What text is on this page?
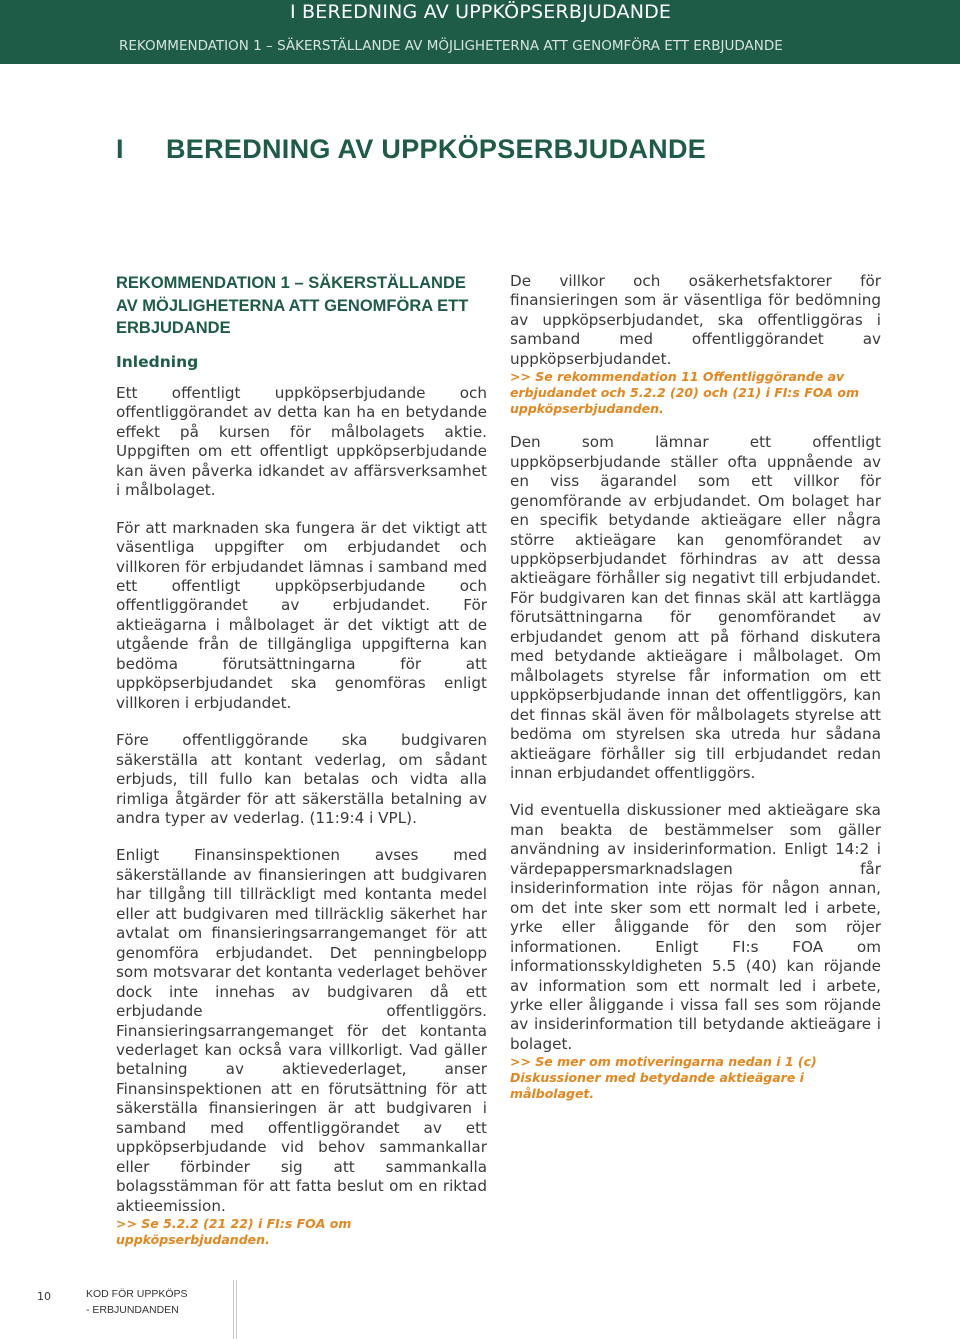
I BEREDNING AV UPPKÖPSERBJUDANDE
REKOMMENDATION 1 – SÄKERSTÄLLANDE AV MÖJLIGHETERNA ATT GENOMFÖRA ETT ERBJUDANDE
I BEREDNING AV UPPKÖPSERBJUDANDE
REKOMMENDATION 1 – SÄKERSTÄLLANDE
AV MÖJLIGHETERNA ATT GENOMFÖRA ETT
ERBJUDANDE
Inledning

Ett offentligt uppköpserbjudande och offentliggörandet av detta kan ha en betydande effekt på kursen för målbolagets aktie. Uppgiften om ett offentligt uppköpserbjudande kan även påverka idkandet av affärsverksamhet i målbolaget.

För att marknaden ska fungera är det viktigt att väsentliga uppgifter om erbjudandet och villkoren för erbjudandet lämnas i samband med ett offentligt uppköpserbjudande och offentliggörandet av erbjudandet. För aktieägarna i målbolaget är det viktigt att de utgående från de tillgängliga uppgifterna kan bedöma förutsättningarna för att uppköpserbjudandet ska genomföras enligt villkoren i erbjudandet.

Före offentliggörande ska budgivaren säkerställa att kontant vederlag, om sådant erbjuds, till fullo kan betalas och vidta alla rimliga åtgärder för att säkerställa betalning av andra typer av vederlag. (11:9:4 i VPL).

Enligt Finansinspektionen avses med säkerställande av finansieringen att budgivaren har tillgång till tillräckligt med kontanta medel eller att budgivaren med tillräcklig säkerhet har avtalat om finansieringsarrangemanget för att genomföra erbjudandet. Det penningbelopp som motsvarar det kontanta vederlaget behöver dock inte innehas av budgivaren då ett erbjudande offentliggörs. Finansieringsarrangemanget för det kontanta vederlaget kan också vara villkorligt. Vad gäller betalning av aktievederlaget, anser Finansinspektionen att en förutsättning för att säkerställa finansieringen är att budgivaren i samband med offentliggörandet av ett uppköpserbjudande vid behov sammankallar eller förbinder sig att sammankalla bolagsstämman för att fatta beslut om en riktad aktieemission.

>> Se 5.2.2 (21 22) i FI:s FOA om uppköpserbjudanden.

De villkor och osäkerhetsfaktorer för finansieringen som är väsentliga för bedömning av uppköpserbjudandet, ska offentliggöras i samband med offentliggörandet av uppköpserbjudandet.

>> Se rekommendation 11 Offentliggörande av erbjudandet och 5.2.2 (20) och (21) i FI:s FOA om uppköpserbjudanden.

Den som lämnar ett offentligt uppköpserbjudande ställer ofta uppnående av en viss ägarandel som ett villkor för genomförande av erbjudandet. Om bolaget har en specifik betydande aktieägare eller några större aktieägare kan genomförandet av uppköpserbjudandet förhindras av att dessa aktieägare förhåller sig negativt till erbjudandet. För budgivaren kan det finnas skäl att kartlägga förutsättningarna för genomförandet av erbjudandet genom att på förhand diskutera med betydande aktieägare i målbolaget. Om målbolagets styrelse får information om ett uppköpserbjudande innan det offentliggörs, kan det finnas skäl även för målbolagets styrelse att bedöma om styrelsen ska utreda hur sådana aktieägare förhåller sig till erbjudandet redan innan erbjudandet offentliggörs.

Vid eventuella diskussioner med aktieägare ska man beakta de bestämmelser som gäller användning av insiderinformation. Enligt 14:2 i värdepappersmarknadslagen får insiderinformation inte röjas för någon annan, om det inte sker som ett normalt led i arbete, yrke eller åliggande för den som röjer informationen. Enligt FI:s FOA om informationsskyldigheten 5.5 (40) kan röjande av information som ett normalt led i arbete, yrke eller åliggande i vissa fall ses som röjande av insiderinformation till betydande aktieägare i bolaget.

>> Se mer om motiveringarna nedan i 1 (c) Diskussioner med betydande aktieägare i målbolaget.
10	KOD FÖR UPPKÖPS
- ERBJUNDANDEN
